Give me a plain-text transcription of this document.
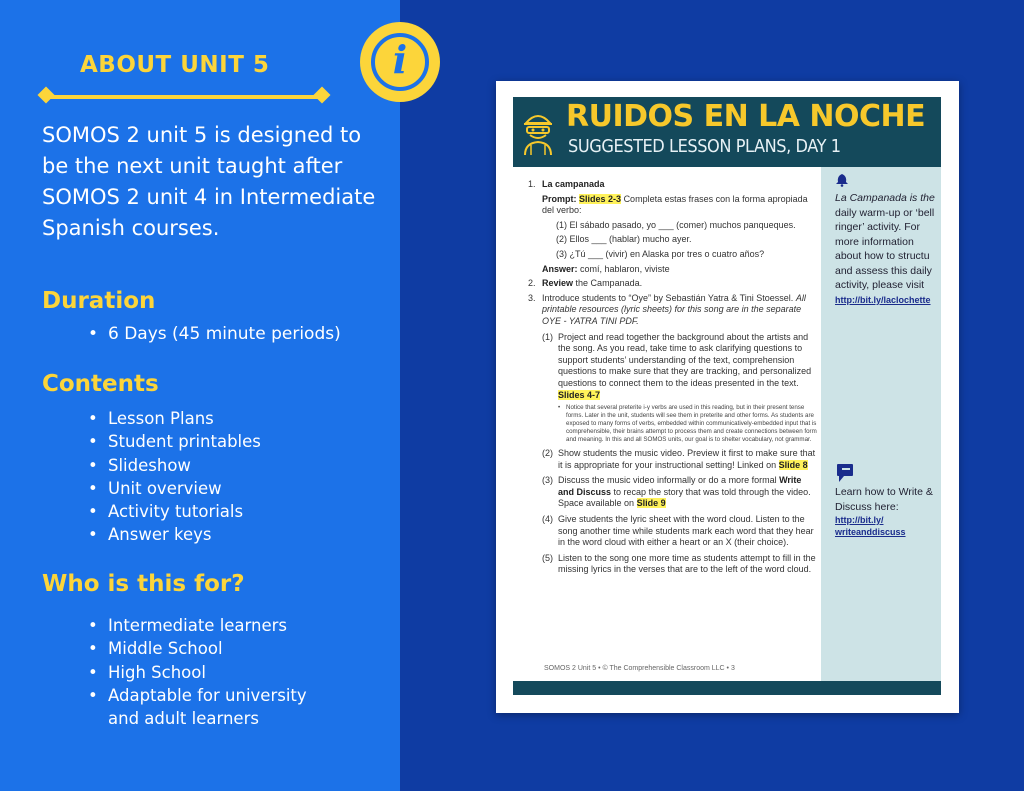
ABOUT UNIT 5
SOMOS 2 unit 5 is designed to be the next unit taught after SOMOS 2 unit 4 in Intermediate Spanish courses.
Duration
• 6 Days (45 minute periods)
Contents
• Lesson Plans
• Student printables
• Slideshow
• Unit overview
• Activity tutorials
• Answer keys
Who is this for?
• Intermediate learners
• Middle School
• High School
• Adaptable for university
and adult learners
i
RUIDOS EN LA NOCHE
SUGGESTED LESSON PLANS, DAY 1
La Campanada is the
daily warm-up or ‘bell
ringer’ activity. For
more information
about how to structu
and assess this daily
activity, please visit
http://bit.ly/laclochette
Learn how to Write &
Discuss here:
http://bit.ly/
writeanddiscuss
1. La campanada
Prompt: Slides 2-3 Completa estas frases con la forma apropiada del verbo:
(1) El sábado pasado, yo ___ (comer) muchos panqueques.
(2) Ellos ___ (hablar) mucho ayer.
(3) ¿Tú ___ (vivir) en Alaska por tres o cuatro años?
Answer: comí, hablaron, viviste
2. Review the Campanada.
3. Introduce students to “Oye” by Sebastián Yatra & Tini Stoessel. All printable resources (lyric sheets) for this song are in the separate OYE - YATRA TINI PDF.
(1) Project and read together the background about the artists and the song. As you read, take time to ask clarifying questions to support students’ understanding of the text, comprehension questions to make sure that they are tracking, and personalized questions to connect them to the ideas presented in the text. Slides 4-7
• Notice that several preterite i-y verbs are used in this reading, but in their present tense forms. Later in the unit, students will see them in preterite and other forms. As students are exposed to many forms of verbs, embedded within communicatively-embedded input that is comprehensible, their brains attempt to process them and create connections between form and meaning. In this and all SOMOS units, our goal is to shelter vocabulary, not grammar.
(2) Show students the music video. Preview it first to make sure that it is appropriate for your instructional setting! Linked on Slide 8
(3) Discuss the music video informally or do a more formal Write and Discuss to recap the story that was told through the video. Space available on Slide 9
(4) Give students the lyric sheet with the word cloud. Listen to the song another time while students mark each word that they hear in the word cloud with either a heart or an X (their choice).
(5) Listen to the song one more time as students attempt to fill in the missing lyrics in the verses that are to the left of the word cloud.
SOMOS 2 Unit 5 • © The Comprehensible Classroom LLC • 3
